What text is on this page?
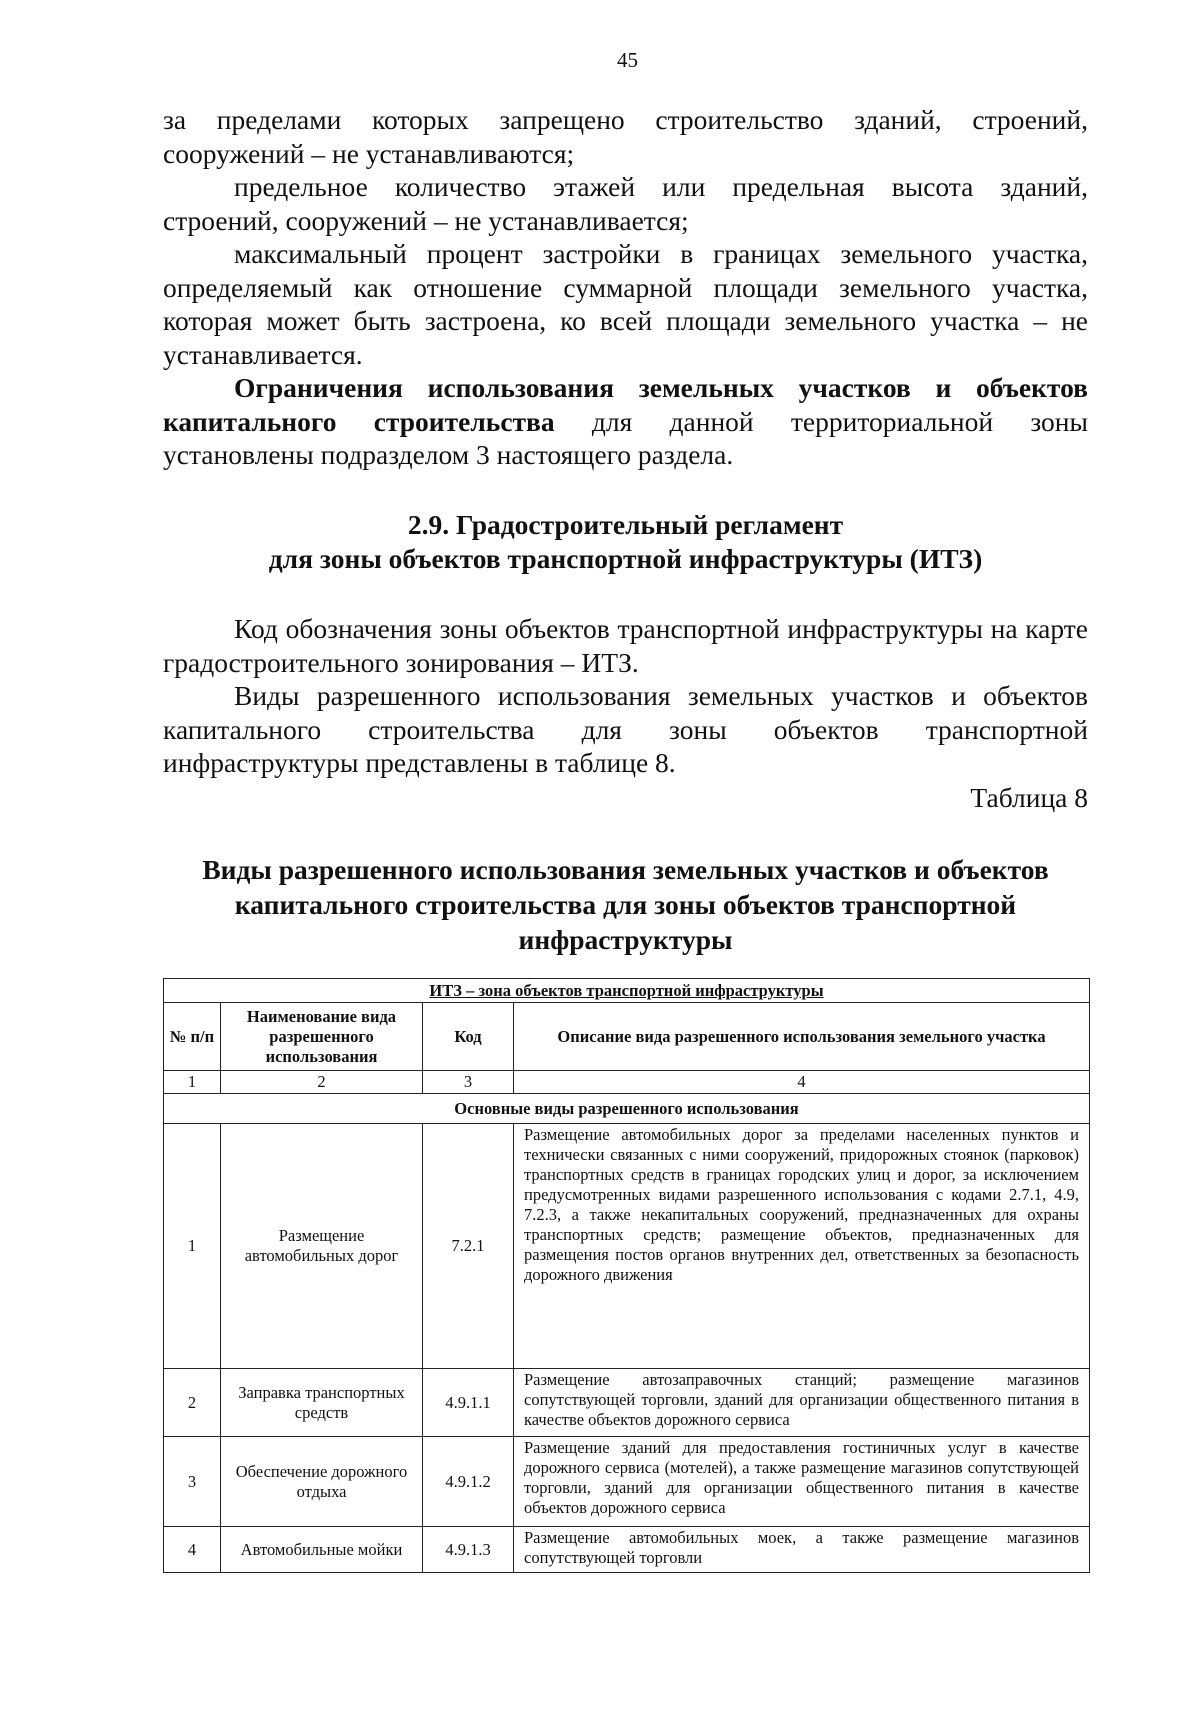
45

за пределами которых запрещено строительство зданий, строений, сооружений – не устанавливаются;

предельное количество этажей или предельная высота зданий, строений, сооружений – не устанавливается;

максимальный процент застройки в границах земельного участка, определяемый как отношение суммарной площади земельного участка, которая может быть застроена, ко всей площади земельного участка – не устанавливается.

Ограничения использования земельных участков и объектов капитального строительства для данной территориальной зоны установлены подразделом 3 настоящего раздела.

2.9. Градостроительный регламент
для зоны объектов транспортной инфраструктуры (ИТЗ)

Код обозначения зоны объектов транспортной инфраструктуры на карте градостроительного зонирования – ИТЗ.

Виды разрешенного использования земельных участков и объектов капитального строительства для зоны объектов транспортной инфраструктуры представлены в таблице 8.

Таблица 8
Виды разрешенного использования земельных участков и объектов капитального строительства для зоны объектов транспортной инфраструктуры
ИТЗ – зона объектов транспортной инфраструктуры			
№ п/п	Наименование вида разрешенного использования	Код	Описание вида разрешенного использования земельного участка
1	2	3	4
Основные виды разрешенного использования			
1	Размещение автомобильных дорог	7.2.1	Размещение автомобильных дорог за пределами населенных пунктов и технически связанных с ними сооружений, придорожных стоянок (парковок) транспортных средств в границах городских улиц и дорог, за исключением предусмотренных видами разрешенного использования с кодами 2.7.1, 4.9, 7.2.3, а также некапитальных сооружений, предназначенных для охраны транспортных средств; размещение объектов, предназначенных для размещения постов органов внутренних дел, ответственных за безопасность дорожного движения
2	Заправка транспортных средств	4.9.1.1	Размещение автозаправочных станций; размещение магазинов сопутствующей торговли, зданий для организации общественного питания в качестве объектов дорожного сервиса
3	Обеспечение дорожного отдыха	4.9.1.2	Размещение зданий для предоставления гостиничных услуг в качестве дорожного сервиса (мотелей), а также размещение магазинов сопутствующей торговли, зданий для организации общественного питания в качестве объектов дорожного сервиса
4	Автомобильные мойки	4.9.1.3	Размещение автомобильных моек, а также размещение магазинов сопутствующей торговли
